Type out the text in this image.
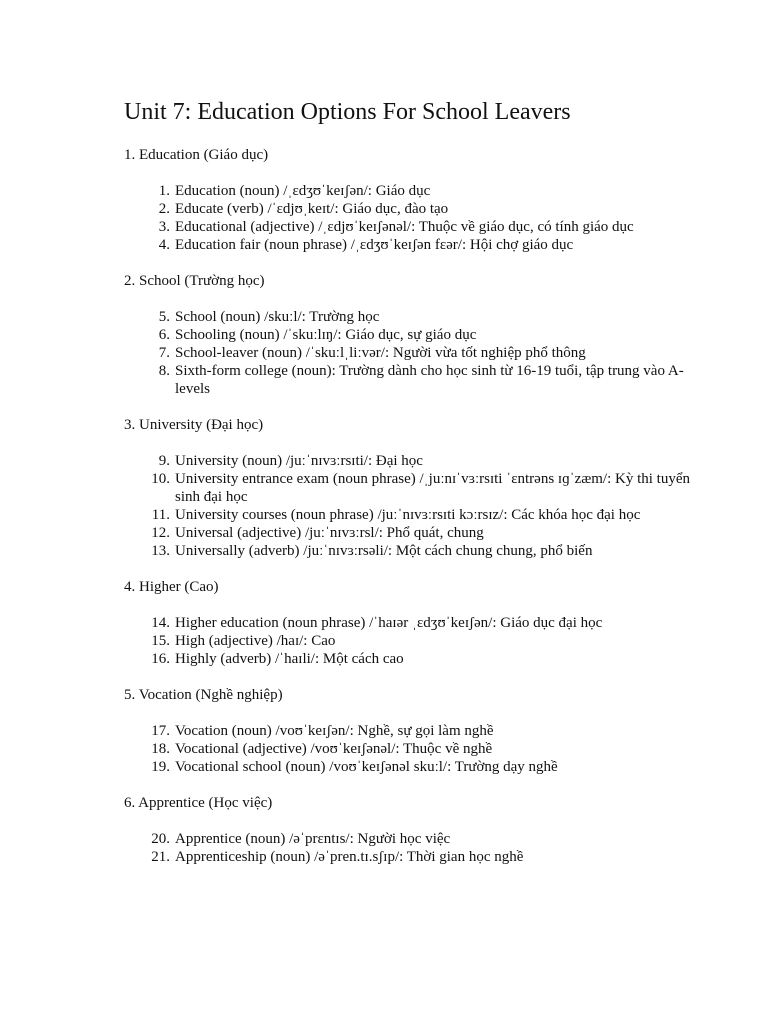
Unit 7: Education Options For School Leavers
1. Education (Giáo dục)
1. Education (noun) /ˌɛdʒʊˈkeɪʃən/: Giáo dục
2. Educate (verb) /ˈɛdjʊˌkeɪt/: Giáo dục, đào tạo
3. Educational (adjective) /ˌɛdjʊˈkeɪʃənəl/: Thuộc về giáo dục, có tính giáo dục
4. Education fair (noun phrase) /ˌɛdʒʊˈkeɪʃən fɛər/: Hội chợ giáo dục
2. School (Trường học)
5. School (noun) /skuːl/: Trường học
6. Schooling (noun) /ˈskuːlɪŋ/: Giáo dục, sự giáo dục
7. School-leaver (noun) /ˈskuːlˌliːvər/: Người vừa tốt nghiệp phổ thông
8. Sixth-form college (noun): Trường dành cho học sinh từ 16-19 tuổi, tập trung vào A-levels
3. University (Đại học)
9. University (noun) /juːˈnɪvɜːrsɪti/: Đại học
10. University entrance exam (noun phrase) /ˌjuːnɪˈvɜːrsɪti ˈɛntrəns ɪɡˈzæm/: Kỳ thi tuyển sinh đại học
11. University courses (noun phrase) /juːˈnɪvɜːrsɪti kɔːrsɪz/: Các khóa học đại học
12. Universal (adjective) /juːˈnɪvɜːrsl/: Phổ quát, chung
13. Universally (adverb) /juːˈnɪvɜːrsəli/: Một cách chung chung, phổ biến
4. Higher (Cao)
14. Higher education (noun phrase) /ˈhaɪər ˌɛdʒʊˈkeɪʃən/: Giáo dục đại học
15. High (adjective) /haɪ/: Cao
16. Highly (adverb) /ˈhaɪli/: Một cách cao
5. Vocation (Nghề nghiệp)
17. Vocation (noun) /voʊˈkeɪʃən/: Nghề, sự gọi làm nghề
18. Vocational (adjective) /voʊˈkeɪʃənəl/: Thuộc về nghề
19. Vocational school (noun) /voʊˈkeɪʃənəl skuːl/: Trường dạy nghề
6. Apprentice (Học việc)
20. Apprentice (noun) /əˈprɛntɪs/: Người học việc
21. Apprenticeship (noun) /əˈpren.tɪ.sʃɪp/: Thời gian học nghề
